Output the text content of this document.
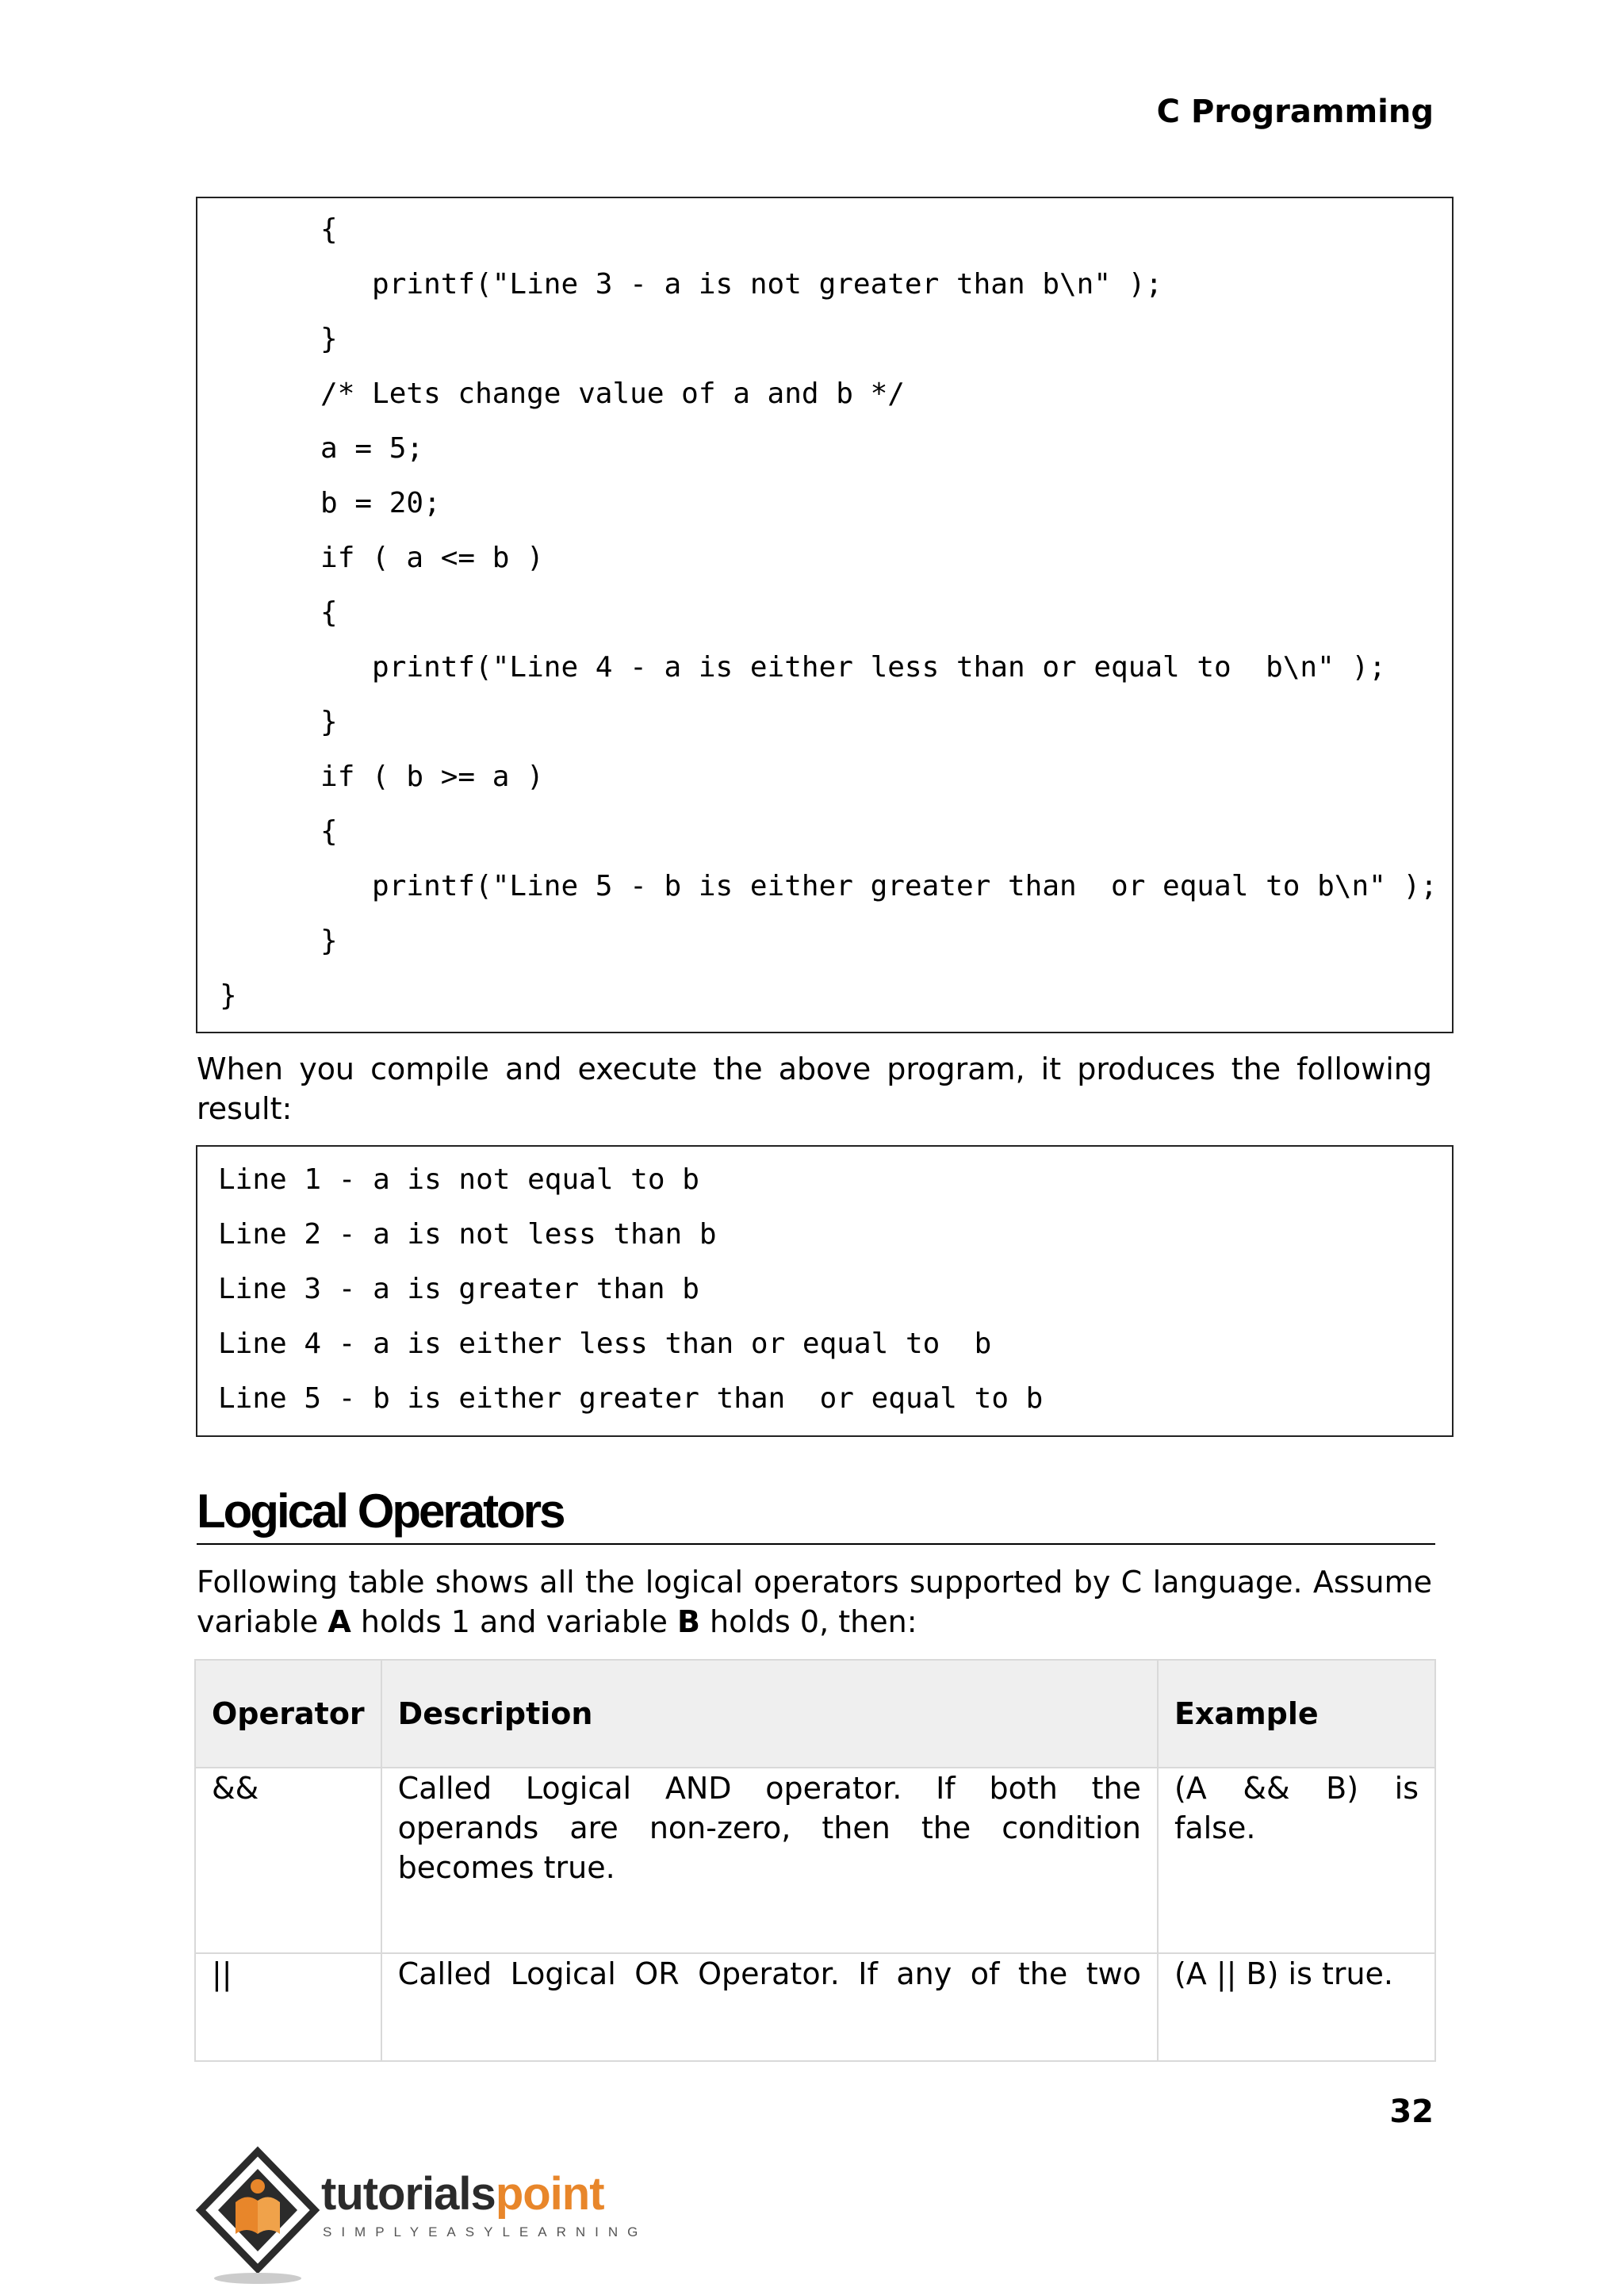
C Programming
{
printf("Line 3 - a is not greater than b\n" );
}
/* Lets change value of a and b */
a = 5;
b = 20;
if ( a <= b )
{
printf("Line 4 - a is either less than or equal to  b\n" );
}
if ( b >= a )
{
printf("Line 5 - b is either greater than  or equal to b\n" );
}
}
When you compile and execute the above program, it produces the following
result:
Line 1 - a is not equal to b
Line 2 - a is not less than b
Line 3 - a is greater than b
Line 4 - a is either less than or equal to  b
Line 5 - b is either greater than  or equal to b
Logical Operators
Following table shows all the logical operators supported by C language. Assume
variable A holds 1 and variable B holds 0, then:
Operator	Description	Example
&&	Called Logical AND operator. If both the operands are non-zero, then the condition becomes true.	(A && B) is false.
||	Called Logical OR Operator. If any of the two	(A || B) is true.
32
tutorialspoint
SIMPLYEASYLEARNING
